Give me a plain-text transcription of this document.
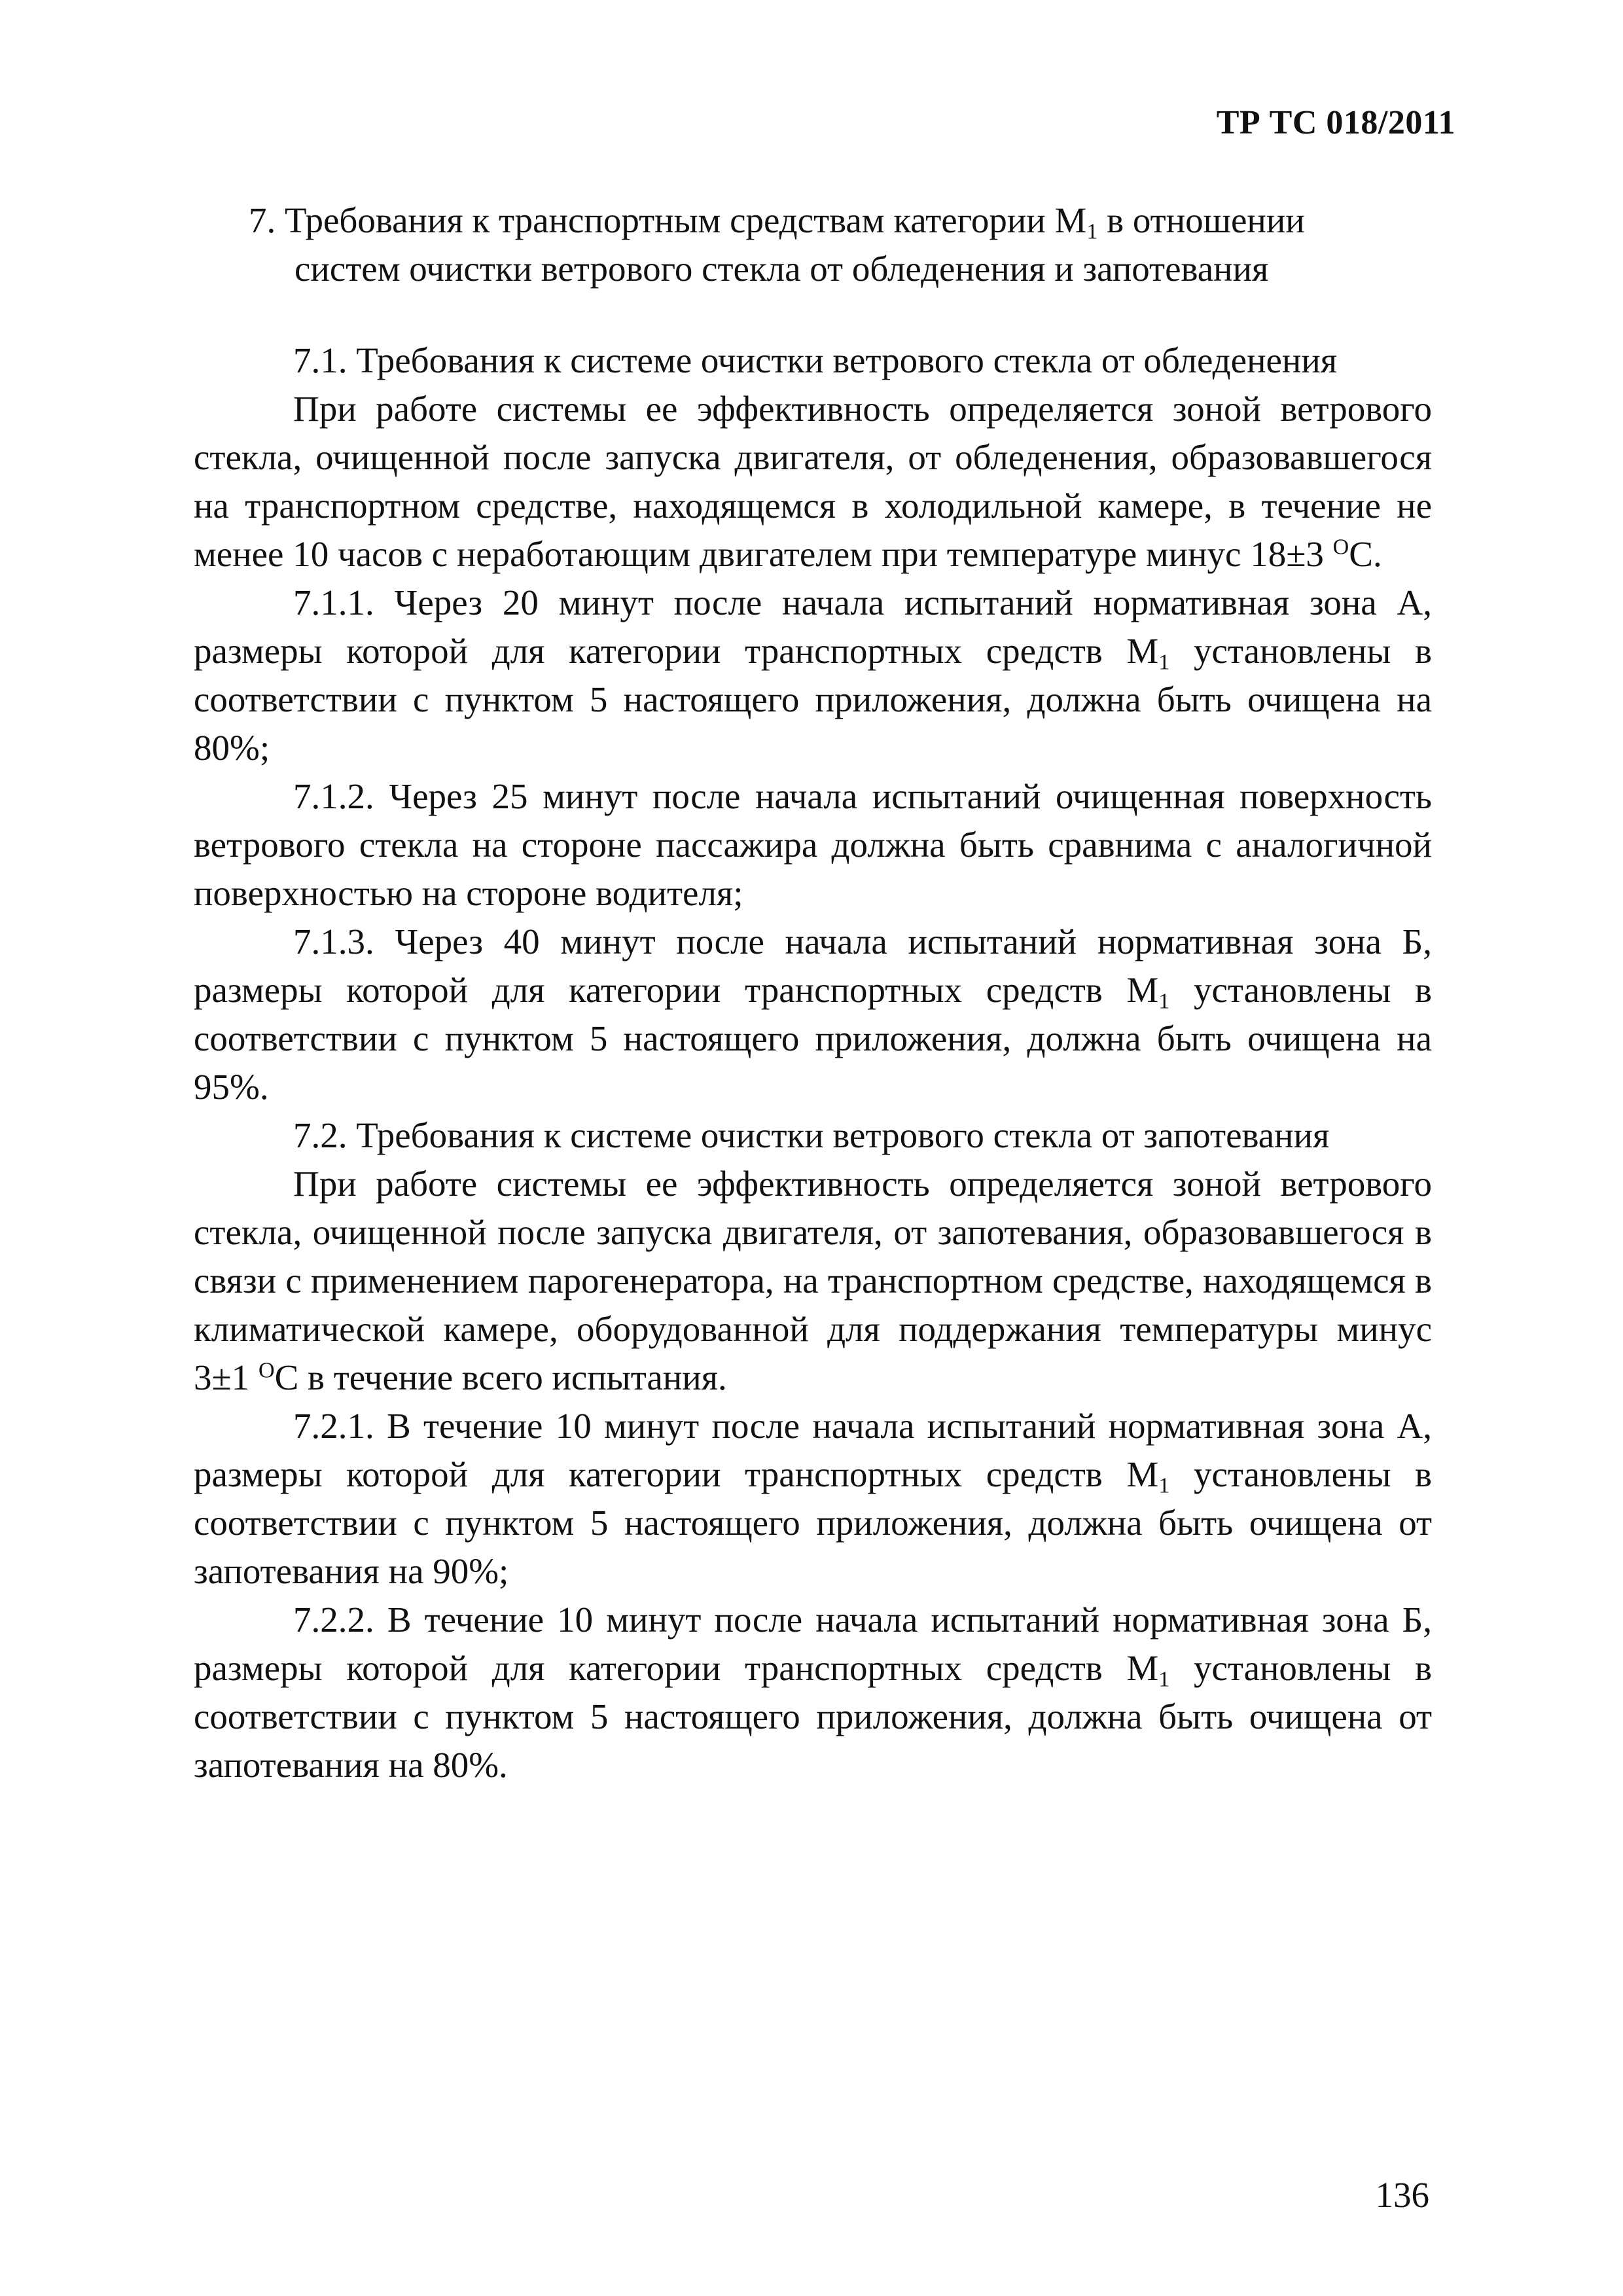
ТР ТС 018/2011

7. Требования к транспортным средствам категории $М_1$ в отношении
систем очистки ветрового стекла от обледенения и запотевания

7.1. Требования к системе очистки ветрового стекла от обледенения

При работе системы ее эффективность определяется зоной ветрового стекла, очищенной после запуска двигателя, от обледенения, образовавшегося на транспортном средстве, находящемся в холодильной камере, в течение не менее 10 часов с неработающим двигателем при температуре минус 18±3 $^O$С.

7.1.1. Через 20 минут после начала испытаний нормативная зона А, размеры которой для категории транспортных средств $М_1$ установлены в соответствии с пунктом 5 настоящего приложения, должна быть очищена на 80%;

7.1.2. Через 25 минут после начала испытаний очищенная поверхность ветрового стекла на стороне пассажира должна быть сравнима с аналогичной поверхностью на стороне водителя;

7.1.3. Через 40 минут после начала испытаний нормативная зона Б, размеры которой для категории транспортных средств $М_1$ установлены в соответствии с пунктом 5 настоящего приложения, должна быть очищена на 95%.

7.2. Требования к системе очистки ветрового стекла от запотевания

При работе системы ее эффективность определяется зоной ветрового стекла, очищенной после запуска двигателя, от запотевания, образовавшегося в связи с применением парогенератора, на транспортном средстве, находящемся в климатической камере, оборудованной для поддержания температуры минус 3±1 $^O$С в течение всего испытания.

7.2.1. В течение 10 минут после начала испытаний нормативная зона А, размеры которой для категории транспортных средств $М_1$ установлены в соответствии с пунктом 5 настоящего приложения, должна быть очищена от запотевания на 90%;

7.2.2. В течение 10 минут после начала испытаний нормативная зона Б, размеры которой для категории транспортных средств $М_1$ установлены в соответствии с пунктом 5 настоящего приложения, должна быть очищена от запотевания на 80%.

136
